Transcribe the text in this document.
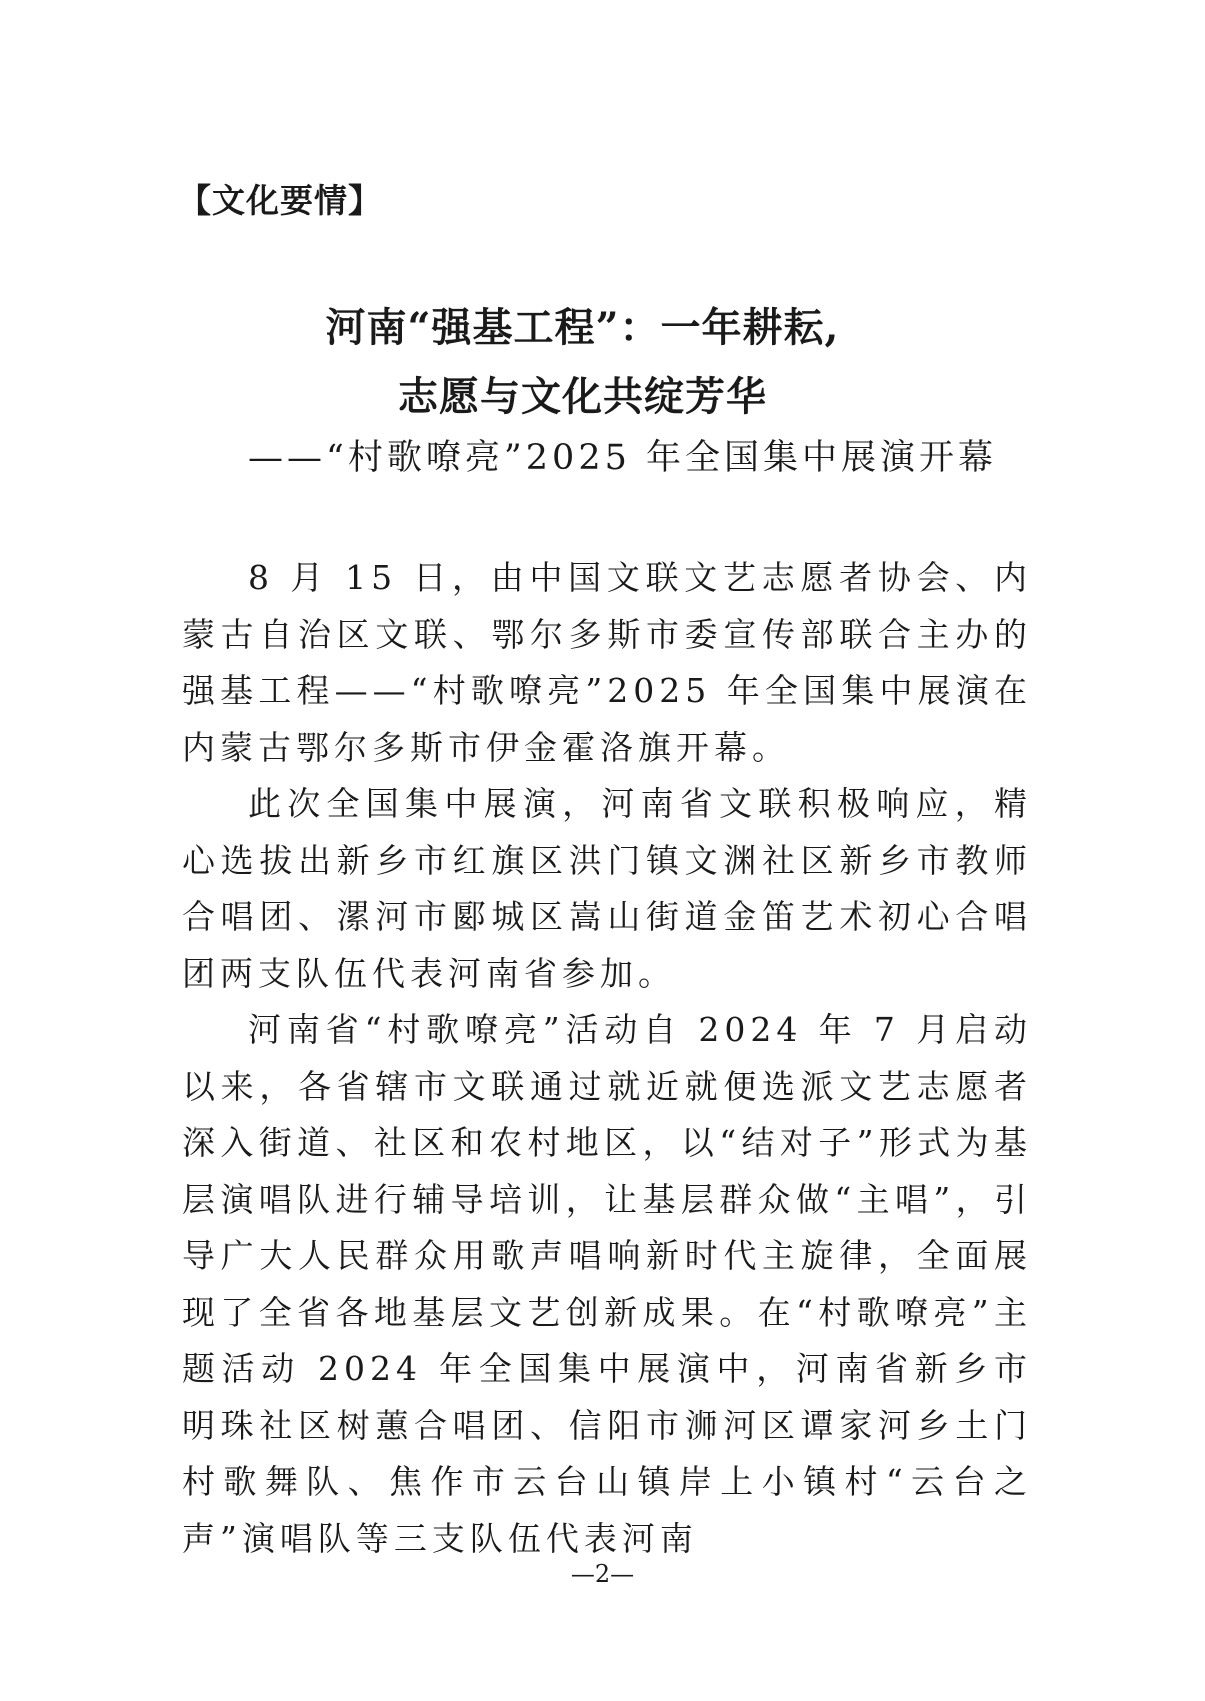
【文化要情】
河南“强基工程”：一年耕耘,
志愿与文化共绽芳华
——“村歌嘹亮”2025 年全国集中展演开幕

8 月 15 日，由中国文联文艺志愿者协会、内蒙古自治区文联、鄂尔多斯市委宣传部联合主办的强基工程——“村歌嘹亮”2025 年全国集中展演在内蒙古鄂尔多斯市伊金霍洛旗开幕。

此次全国集中展演，河南省文联积极响应，精心选拔出新乡市红旗区洪门镇文渊社区新乡市教师合唱团、漯河市郾城区嵩山街道金笛艺术初心合唱团两支队伍代表河南省参加。

河南省“村歌嘹亮”活动自 2024 年 7 月启动以来，各省辖市文联通过就近就便选派文艺志愿者深入街道、社区和农村地区，以“结对子”形式为基层演唱队进行辅导培训，让基层群众做“主唱”，引导广大人民群众用歌声唱响新时代主旋律，全面展现了全省各地基层文艺创新成果。在“村歌嘹亮”主题活动 2024 年全国集中展演中，河南省新乡市明珠社区树蕙合唱团、信阳市浉河区谭家河乡土门村歌舞队、焦作市云台山镇岸上小镇村“云台之声”演唱队等三支队伍代表河南

—2—
